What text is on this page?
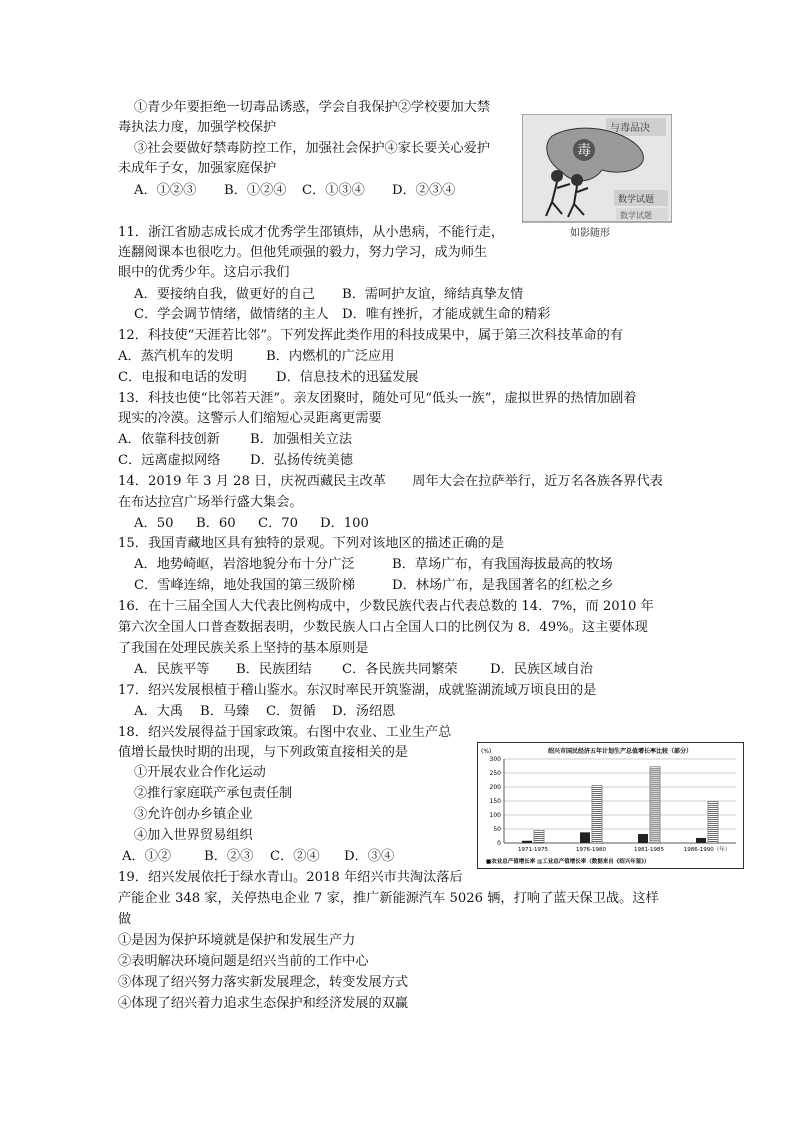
①青少年要拒绝一切毒品诱惑，学会自我保护②学校要加大禁
毒执法力度，加强学校保护
③社会要做好禁毒防控工作，加强社会保护④家长要关心爱护
未成年子女，加强家庭保护
A．①②③ B．①②④ C．①③④ D．②③④
与毒品决
毒
数学试题
数学试题
如影随形
11．浙江省励志成长成才优秀学生邵镇炜，从小患病，不能行走，
连翻阅课本也很吃力。但他凭顽强的毅力，努力学习，成为师生
眼中的优秀少年。这启示我们
A．要接纳自我，做更好的自己 B．需呵护友谊，缔结真挚友情
C．学会调节情绪，做情绪的主人 D．唯有挫折，才能成就生命的精彩
12．科技使“天涯若比邻”。下列发挥此类作用的科技成果中，属于第三次科技革命的有
A．蒸汽机车的发明 B．内燃机的广泛应用
C．电报和电话的发明 D．信息技术的迅猛发展
13．科技也使“比邻若天涯”。亲友团聚时，随处可见“低头一族”，虚拟世界的热情加剧着
现实的冷漠。这警示人们缩短心灵距离更需要
A．依靠科技创新 B．加强相关立法
C．远离虚拟网络 D．弘扬传统美德
14．2019 年 3 月 28 日，庆祝西藏民主改革　　周年大会在拉萨举行，近万名各族各界代表
在布达拉宫广场举行盛大集会。
A．50 B．60 C．70 D．100
15．我国青藏地区具有独特的景观。下列对该地区的描述正确的是
A．地势崎岖，岩溶地貌分布十分广泛	B．草场广布，有我国海拔最高的牧场
C．雪峰连绵，地处我国的第三级阶梯	D．林场广布，是我国著名的红松之乡
16．在十三届全国人大代表比例构成中，少数民族代表占代表总数的 14．7%，而 2010 年
第六次全国人口普查数据表明，少数民族人口占全国人口的比例仅为 8．49%。这主要体现
了我国在处理民族关系上坚持的基本原则是
A．民族平等 B．民族团结 C．各民族共同繁荣 D．民族区域自治
17．绍兴发展根植于稽山鉴水。东汉时率民开筑鉴湖，成就鉴湖流域万顷良田的是
A．大禹 B．马臻 C．贺循 D．汤绍恩
18．绍兴发展得益于国家政策。右图中农业、工业生产总
值增长最快时期的出现，与下列政策直接相关的是
①开展农业合作化运动
②推行家庭联产承包责任制
③允许创办乡镇企业
④加入世界贸易组织
A．①② B．②③ C．②④ D．③④
绍兴市国民经济五年计划生产总值增长率比较（部分）
(%)
0
50
100
150
200
250
300
1971-1975	1976-1980	1981-1985	1986-1990（年）
■农业总产值增长率 ▥工业总产值增长率（数据来自《绍兴年鉴》）
19．绍兴发展依托于绿水青山。2018 年绍兴市共淘汰落后
产能企业 348 家，关停热电企业 7 家，推广新能源汽车 5026 辆，打响了蓝天保卫战。这样
做
①是因为保护环境就是保护和发展生产力
②表明解决环境问题是绍兴当前的工作中心
③体现了绍兴努力落实新发展理念，转变发展方式
④体现了绍兴着力追求生态保护和经济发展的双赢
